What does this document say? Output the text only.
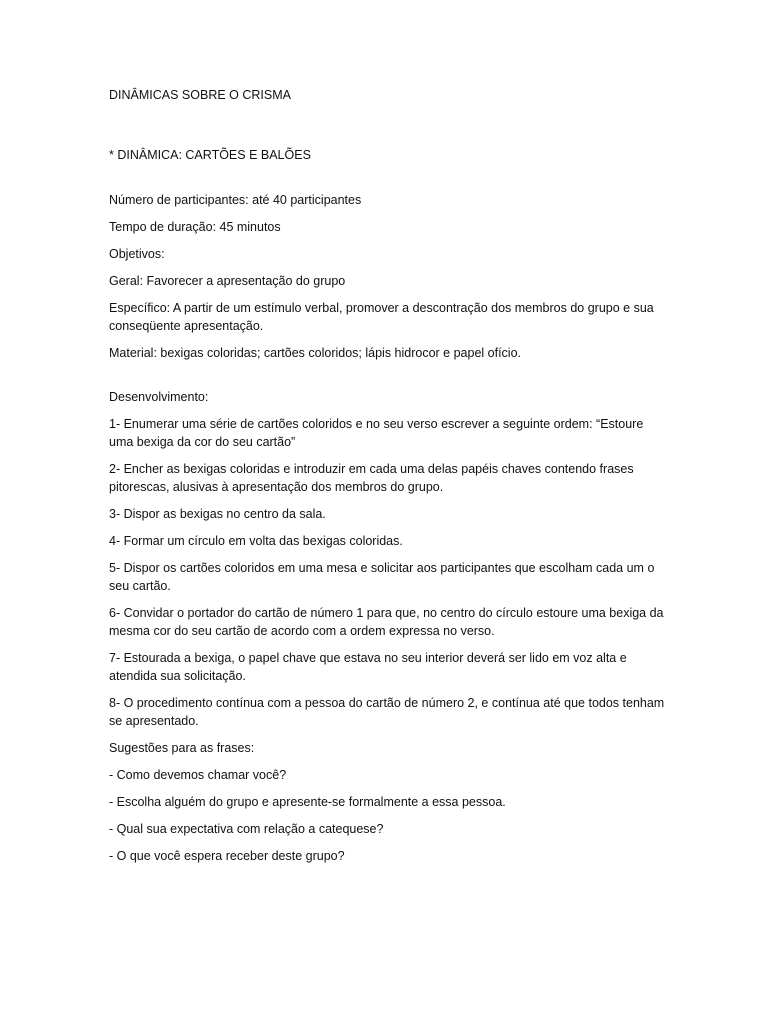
DINÂMICAS SOBRE O CRISMA

* DINÂMICA: CARTÕES E BALÕES

Número de participantes: até 40 participantes

Tempo de duração: 45 minutos

Objetivos:

Geral: Favorecer a apresentação do grupo

Específico: A partir de um estímulo verbal, promover a descontração dos membros do grupo e sua conseqüente apresentação.

Material: bexigas coloridas; cartões coloridos; lápis hidrocor e papel ofício.

Desenvolvimento:

1- Enumerar uma série de cartões coloridos e no seu verso escrever a seguinte ordem: “Estoure uma bexiga da cor do seu cartão”

2- Encher as bexigas coloridas e introduzir em cada uma delas papéis chaves contendo frases pitorescas, alusivas à apresentação dos membros do grupo.

3- Dispor as bexigas no centro da sala.

4- Formar um círculo em volta das bexigas coloridas.

5- Dispor os cartões coloridos em uma mesa e solicitar aos participantes que escolham cada um o seu cartão.

6- Convidar o portador do cartão de número 1 para que, no centro do círculo estoure uma bexiga da mesma cor do seu cartão de acordo com a ordem expressa no verso.

7- Estourada a bexiga, o papel chave que estava no seu interior deverá ser lido em voz alta e atendida sua solicitação.

8- O procedimento contínua com a pessoa do cartão de número 2, e contínua até que todos tenham se apresentado.

Sugestões para as frases:

- Como devemos chamar você?

- Escolha alguém do grupo e apresente-se formalmente a essa pessoa.

- Qual sua expectativa com relação a catequese?

- O que você espera receber deste grupo?
